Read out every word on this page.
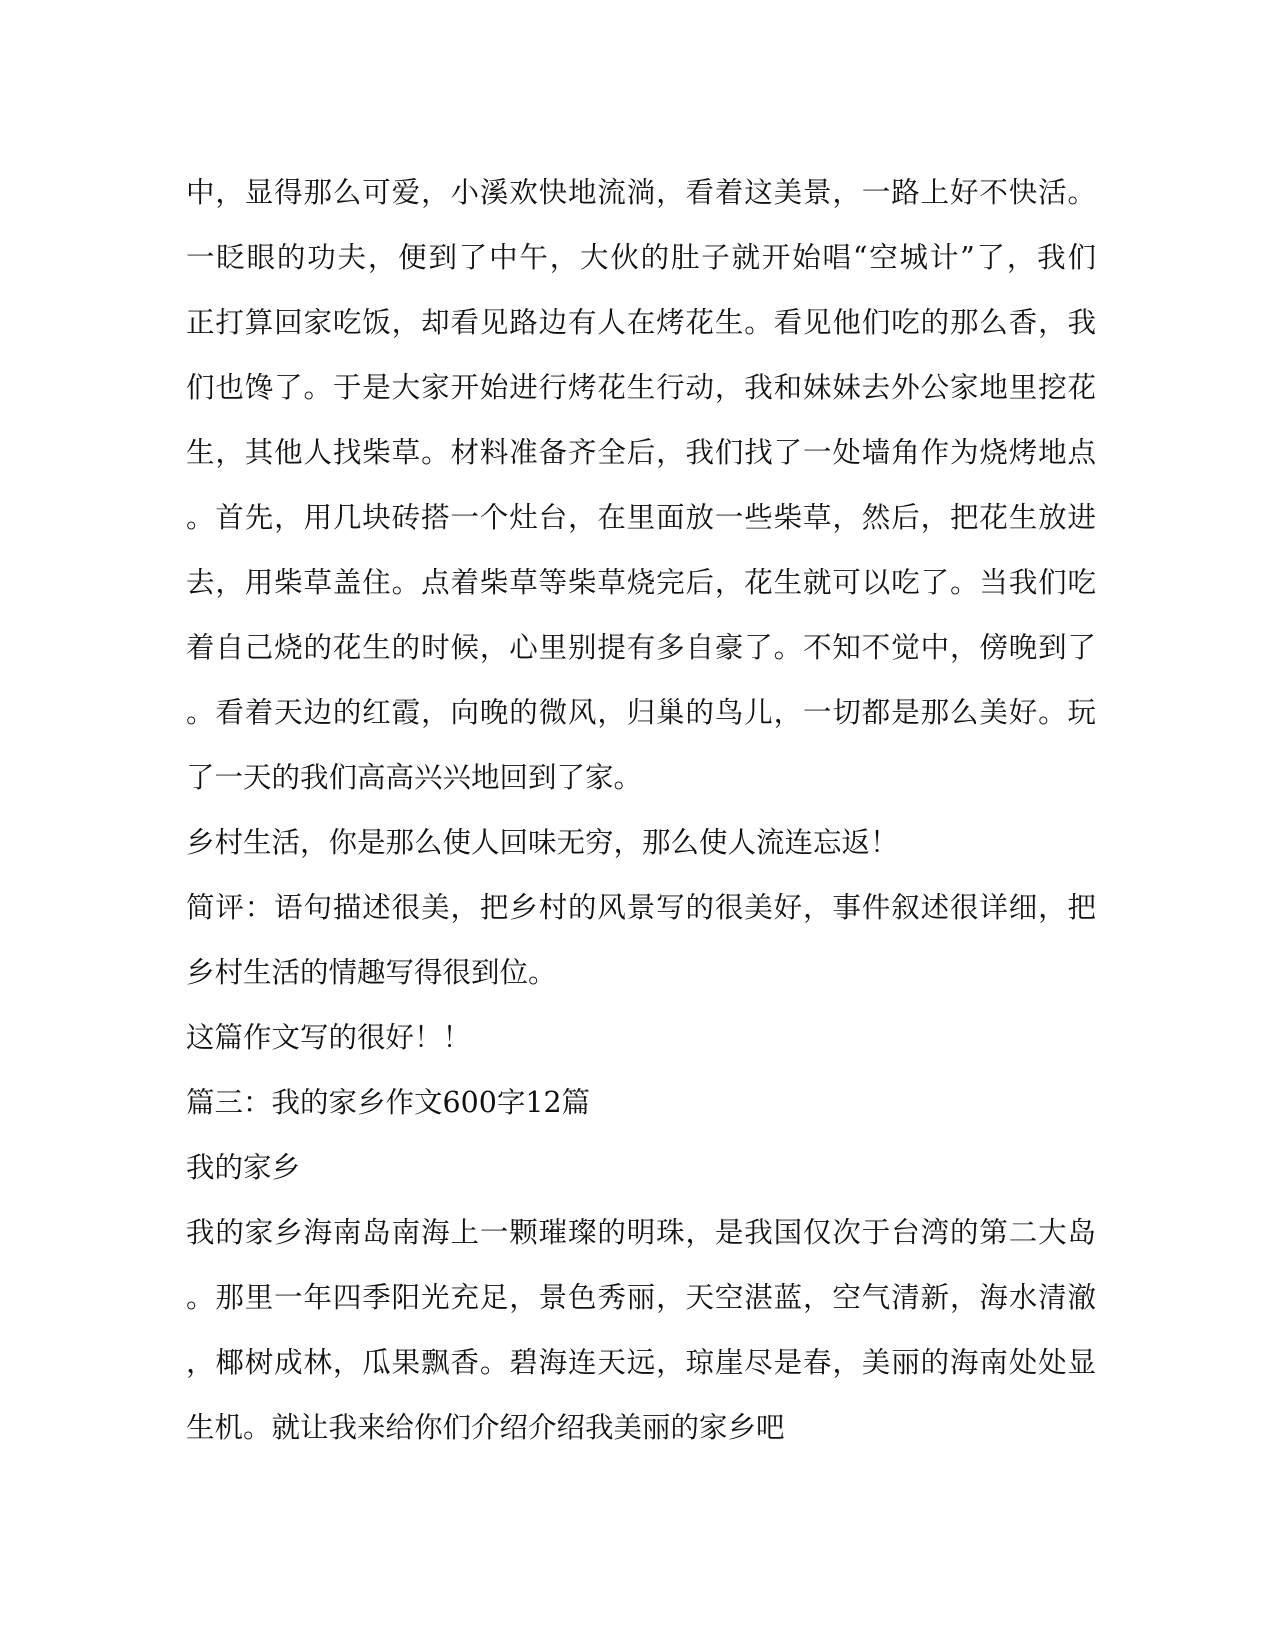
中，显得那么可爱，小溪欢快地流淌，看着这美景，一路上好不快活。
一眨眼的功夫，便到了中午，大伙的肚子就开始唱“空城计”了，我们
正打算回家吃饭，却看见路边有人在烤花生。看见他们吃的那么香，我
们也馋了。于是大家开始进行烤花生行动，我和妹妹去外公家地里挖花
生，其他人找柴草。材料准备齐全后，我们找了一处墙角作为烧烤地点
。首先，用几块砖搭一个灶台，在里面放一些柴草，然后，把花生放进
去，用柴草盖住。点着柴草等柴草烧完后，花生就可以吃了。当我们吃
着自己烧的花生的时候，心里别提有多自豪了。不知不觉中，傍晚到了
。看着天边的红霞，向晚的微风，归巢的鸟儿，一切都是那么美好。玩
了一天的我们高高兴兴地回到了家。
乡村生活，你是那么使人回味无穷，那么使人流连忘返！
简评：语句描述很美，把乡村的风景写的很美好，事件叙述很详细，把
乡村生活的情趣写得很到位。
这篇作文写的很好！！
篇三：我的家乡作文600字12篇
我的家乡
我的家乡海南岛南海上一颗璀璨的明珠，是我国仅次于台湾的第二大岛
。那里一年四季阳光充足，景色秀丽，天空湛蓝，空气清新，海水清澈
，椰树成林，瓜果飘香。碧海连天远，琼崖尽是春，美丽的海南处处显
生机。就让我来给你们介绍介绍我美丽的家乡吧
